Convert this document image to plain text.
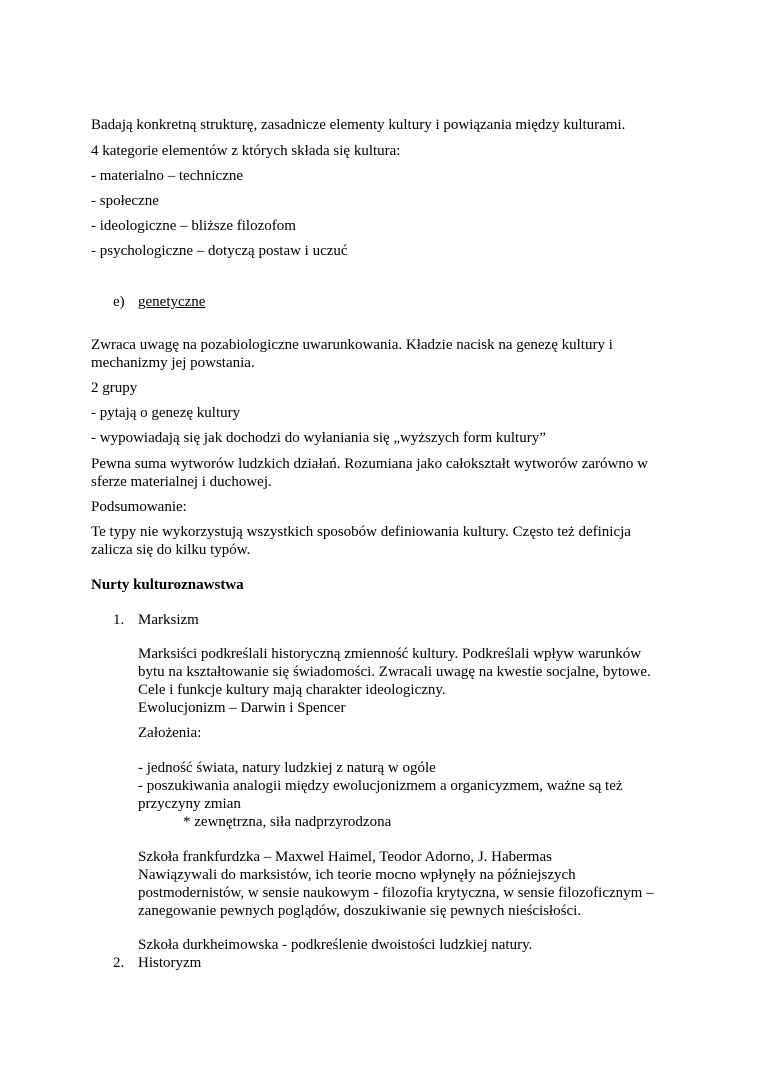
Badają konkretną strukturę, zasadnicze elementy kultury i powiązania między kulturami.
4 kategorie elementów z których składa się kultura:
- materialno – techniczne
- społeczne
- ideologiczne – bliższe filozofom
- psychologiczne – dotyczą postaw i uczuć
e) genetyczne
Zwraca uwagę na pozabiologiczne uwarunkowania. Kładzie nacisk na genezę kultury i
mechanizmy jej powstania.
2 grupy
- pytają o genezę kultury
- wypowiadają się jak dochodzi do wyłaniania się „wyższych form kultury”
Pewna suma wytworów ludzkich działań. Rozumiana jako całokształt wytworów zarówno w
sferze materialnej i duchowej.
Podsumowanie:
Te typy nie wykorzystują wszystkich sposobów definiowania kultury. Często też definicja
zalicza się do kilku typów.
Nurty kulturoznawstwa
1. Marksizm
Marksiści podkreślali historyczną zmienność kultury. Podkreślali wpływ warunków
bytu na kształtowanie się świadomości. Zwracali uwagę na kwestie socjalne, bytowe.
Cele i funkcje kultury mają charakter ideologiczny.
Ewolucjonizm – Darwin i Spencer
Założenia:
- jedność świata, natury ludzkiej z naturą w ogóle
- poszukiwania analogii między ewolucjonizmem a organicyzmem, ważne są też
przyczyny zmian
* zewnętrzna, siła nadprzyrodzona
Szkoła frankfurdzka – Maxwel Haimel, Teodor Adorno, J. Habermas
Nawiązywali do marksistów, ich teorie mocno wpłynęły na późniejszych
postmodernistów, w sensie naukowym - filozofia krytyczna, w sensie filozoficznym –
zanegowanie pewnych poglądów, doszukiwanie się pewnych nieścisłości.
Szkoła durkheimowska - podkreślenie dwoistości ludzkiej natury.
2. Historyzm
